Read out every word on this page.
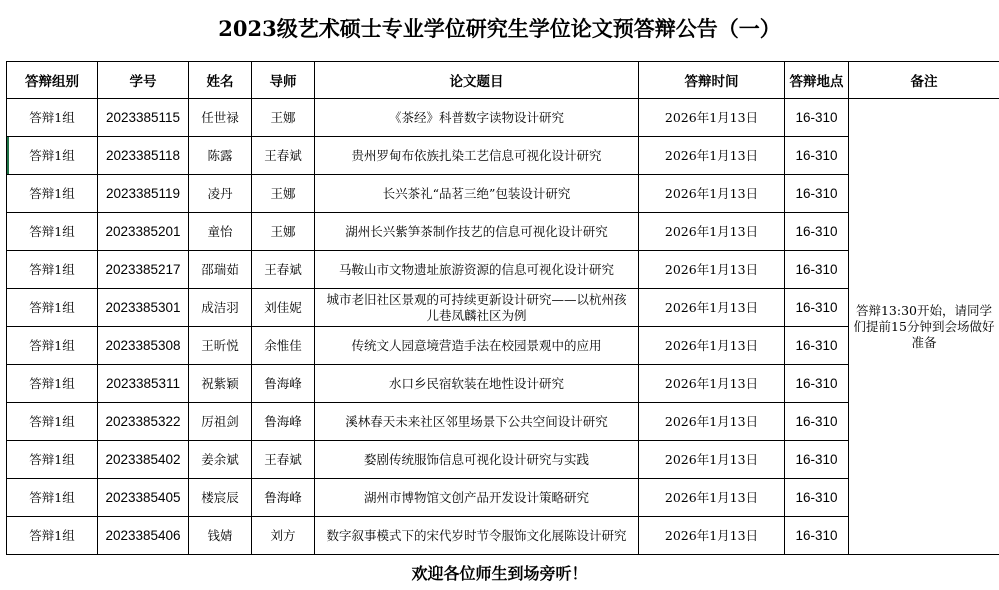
2023级艺术硕士专业学位研究生学位论文预答辩公告（一）
答辩组别	学号	姓名	导师	论文题目	答辩时间	答辩地点	备注
答辩1组	2023385115	任世禄	王娜	《茶经》科普数字读物设计研究	2026年1月13日	16-310	答辩13:30开始，请同学们提前15分钟到会场做好准备
答辩1组	2023385118	陈露	王春斌	贵州罗甸布依族扎染工艺信息可视化设计研究	2026年1月13日	16-310	
答辩1组	2023385119	凌丹	王娜	长兴茶礼“品茗三绝”包装设计研究	2026年1月13日	16-310	
答辩1组	2023385201	童怡	王娜	湖州长兴紫笋茶制作技艺的信息可视化设计研究	2026年1月13日	16-310	
答辩1组	2023385217	邵瑞茹	王春斌	马鞍山市文物遗址旅游资源的信息可视化设计研究	2026年1月13日	16-310	
答辩1组	2023385301	成洁羽	刘佳妮	城市老旧社区景观的可持续更新设计研究——以杭州孩儿巷凤麟社区为例	2026年1月13日	16-310	
答辩1组	2023385308	王昕悦	余惟佳	传统文人园意境营造手法在校园景观中的应用	2026年1月13日	16-310	
答辩1组	2023385311	祝紫颖	鲁海峰	水口乡民宿软装在地性设计研究	2026年1月13日	16-310	
答辩1组	2023385322	厉祖剑	鲁海峰	溪林春天未来社区邻里场景下公共空间设计研究	2026年1月13日	16-310	
答辩1组	2023385402	姜余斌	王春斌	婺剧传统服饰信息可视化设计研究与实践	2026年1月13日	16-310	
答辩1组	2023385405	楼宸辰	鲁海峰	湖州市博物馆文创产品开发设计策略研究	2026年1月13日	16-310	
答辩1组	2023385406	钱婧	刘方	数字叙事模式下的宋代岁时节令服饰文化展陈设计研究	2026年1月13日	16-310	
欢迎各位师生到场旁听！
